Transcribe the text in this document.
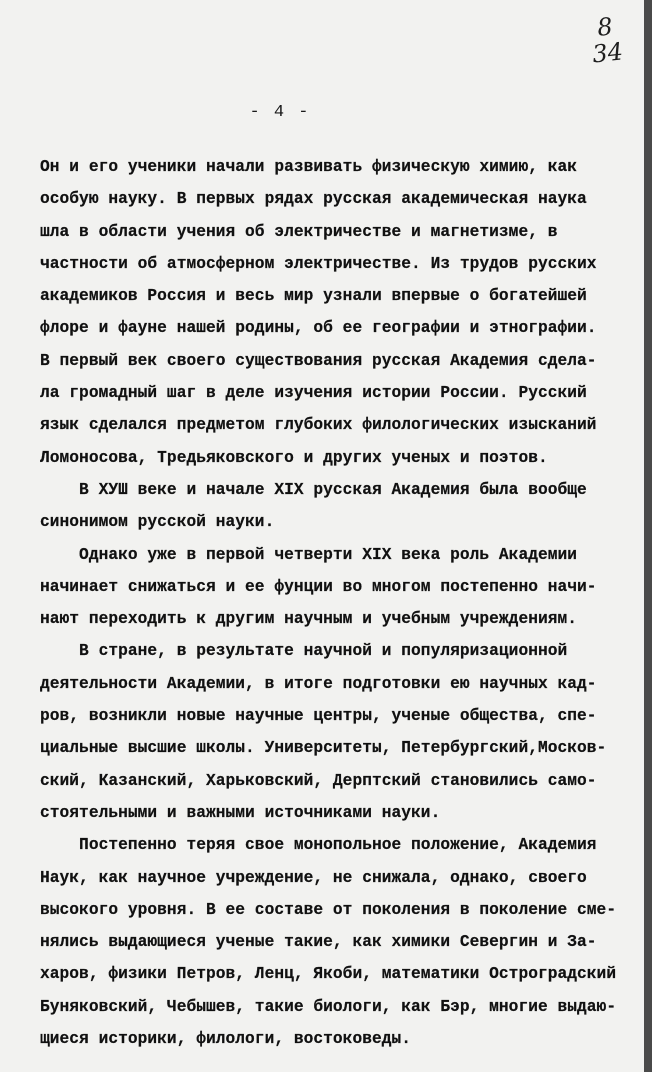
8
34
- 4 -
Он и его ученики начали развивать физическую химию, как
особую науку. В первых рядах русская академическая наука
шла в области учения об электричестве и магнетизме, в
частности об атмосферном электричестве. Из трудов русских
академиков Россия и весь мир узнали впервые о богатейшей
флоре и фауне нашей родины, об ее географии и этнографии.
В первый век своего существования русская Академия сдела-
ла громадный шаг в деле изучения истории России. Русский
язык сделался предметом глубоких филологических изысканий
Ломоносова, Тредьяковского и других ученых и поэтов.
В ХУШ веке и начале ХIХ русская Академия была вообще
синонимом русской науки.
Однако уже в первой четверти ХIХ века роль Академии
начинает снижаться и ее фунции во многом постепенно начи-
нают переходить к другим научным и учебным учреждениям.
В стране, в результате научной и популяризационной
деятельности Академии, в итоге подготовки ею научных кад-
ров, возникли новые научные центры, ученые общества, спе-
циальные высшие школы. Университеты, Петербургский,Москов-
ский, Казанский, Харьковский, Дерптский становились само-
стоятельными и важными источниками науки.
Постепенно теряя свое монопольное положение, Академия
Наук, как научное учреждение, не снижала, однако, своего
высокого уровня. В ее составе от поколения в поколение сме-
нялись выдающиеся ученые такие, как химики Севергин и За-
харов, физики Петров, Ленц, Якоби, математики Остроградский
Буняковский, Чебышев, такие биологи, как Бэр, многие выдаю-
щиеся историки, филологи, востоковеды.
